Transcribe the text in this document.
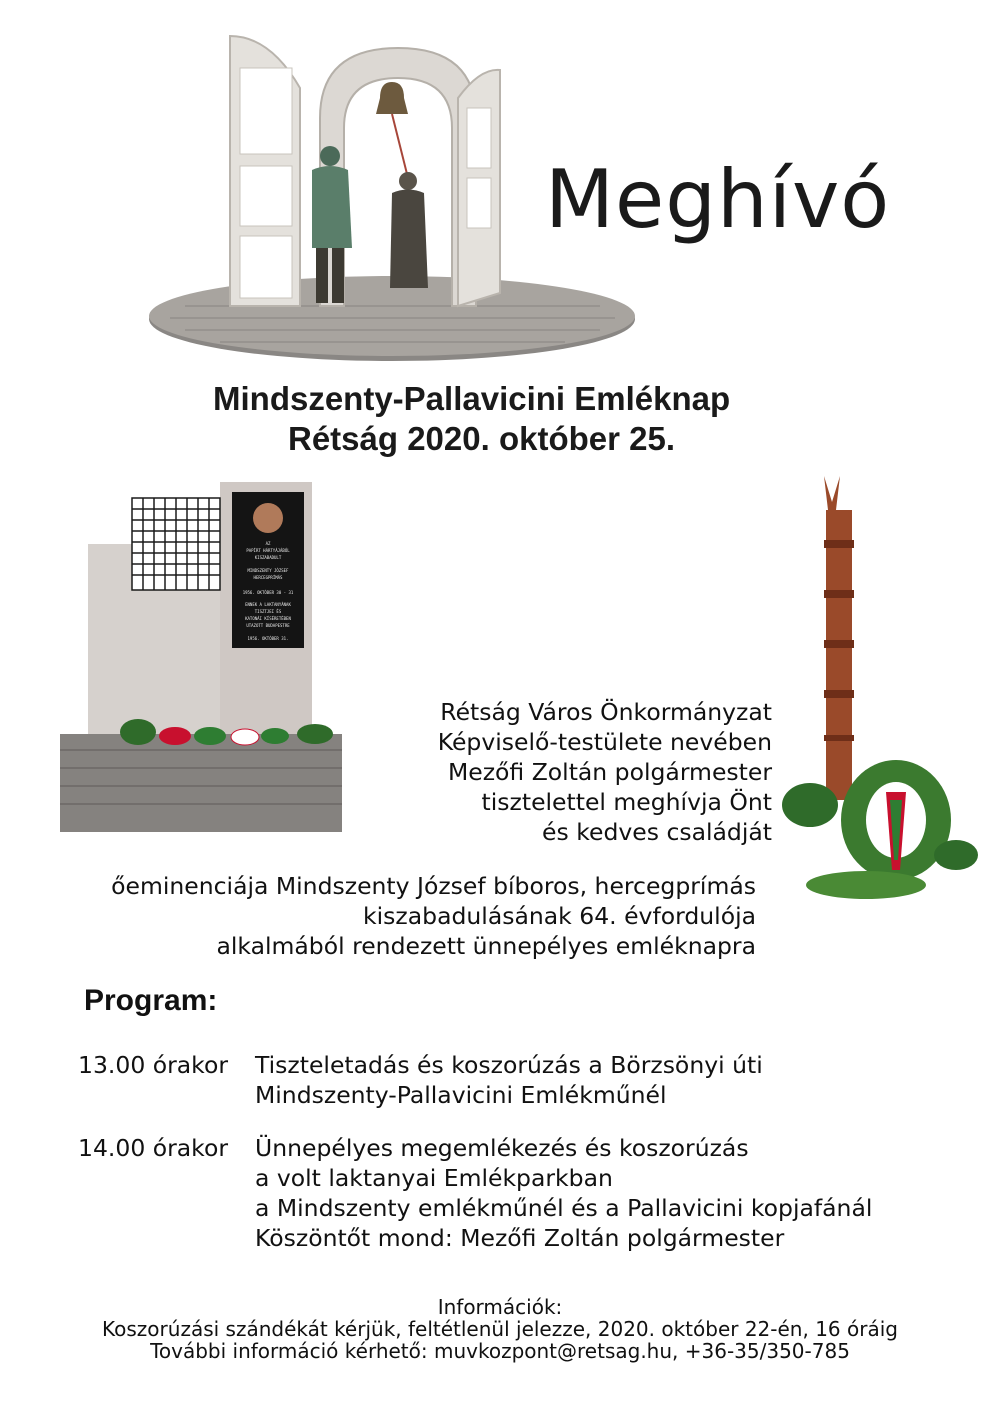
Meghívó
Mindszenty-Pallavicini Emléknap
Rétság 2020. október 25.
AZ
PAPÍRT HÁRTYÁJÁBÓL
KISZABADULT
MINDSZENTY JÓZSEF
HERCEGPRÍMÁS
1956. OKTÓBER 30 - 31
ENNEK A LAKTANYÁNAK
TISZTJEI ÉS
KATONÁI KÍSÉRETÉBEN
UTAZOTT BUDAPESTRE
1956. OKTÓBER 31.
Rétság Város Önkormányzat
Képviselő-testülete nevében
Mezőfi Zoltán polgármester
tisztelettel meghívja Önt
és kedves családját
őeminenciája Mindszenty József bíboros, hercegprímás
kiszabadulásának 64. évfordulója
alkalmából rendezett ünnepélyes emléknapra
Program:
13.00 órakor	Tiszteletadás és koszorúzás a Börzsönyi úti
Mindszenty-Pallavicini Emlékműnél
14.00 órakor	Ünnepélyes megemlékezés és koszorúzás
a volt laktanyai Emlékparkban
a Mindszenty emlékműnél és a Pallavicini kopjafánál
Köszöntőt mond: Mezőfi Zoltán polgármester
Információk:
Koszorúzási szándékát kérjük, feltétlenül jelezze, 2020. október 22-én, 16 óráig
További információ kérhető: muvkozpont@retsag.hu, +36-35/350-785
